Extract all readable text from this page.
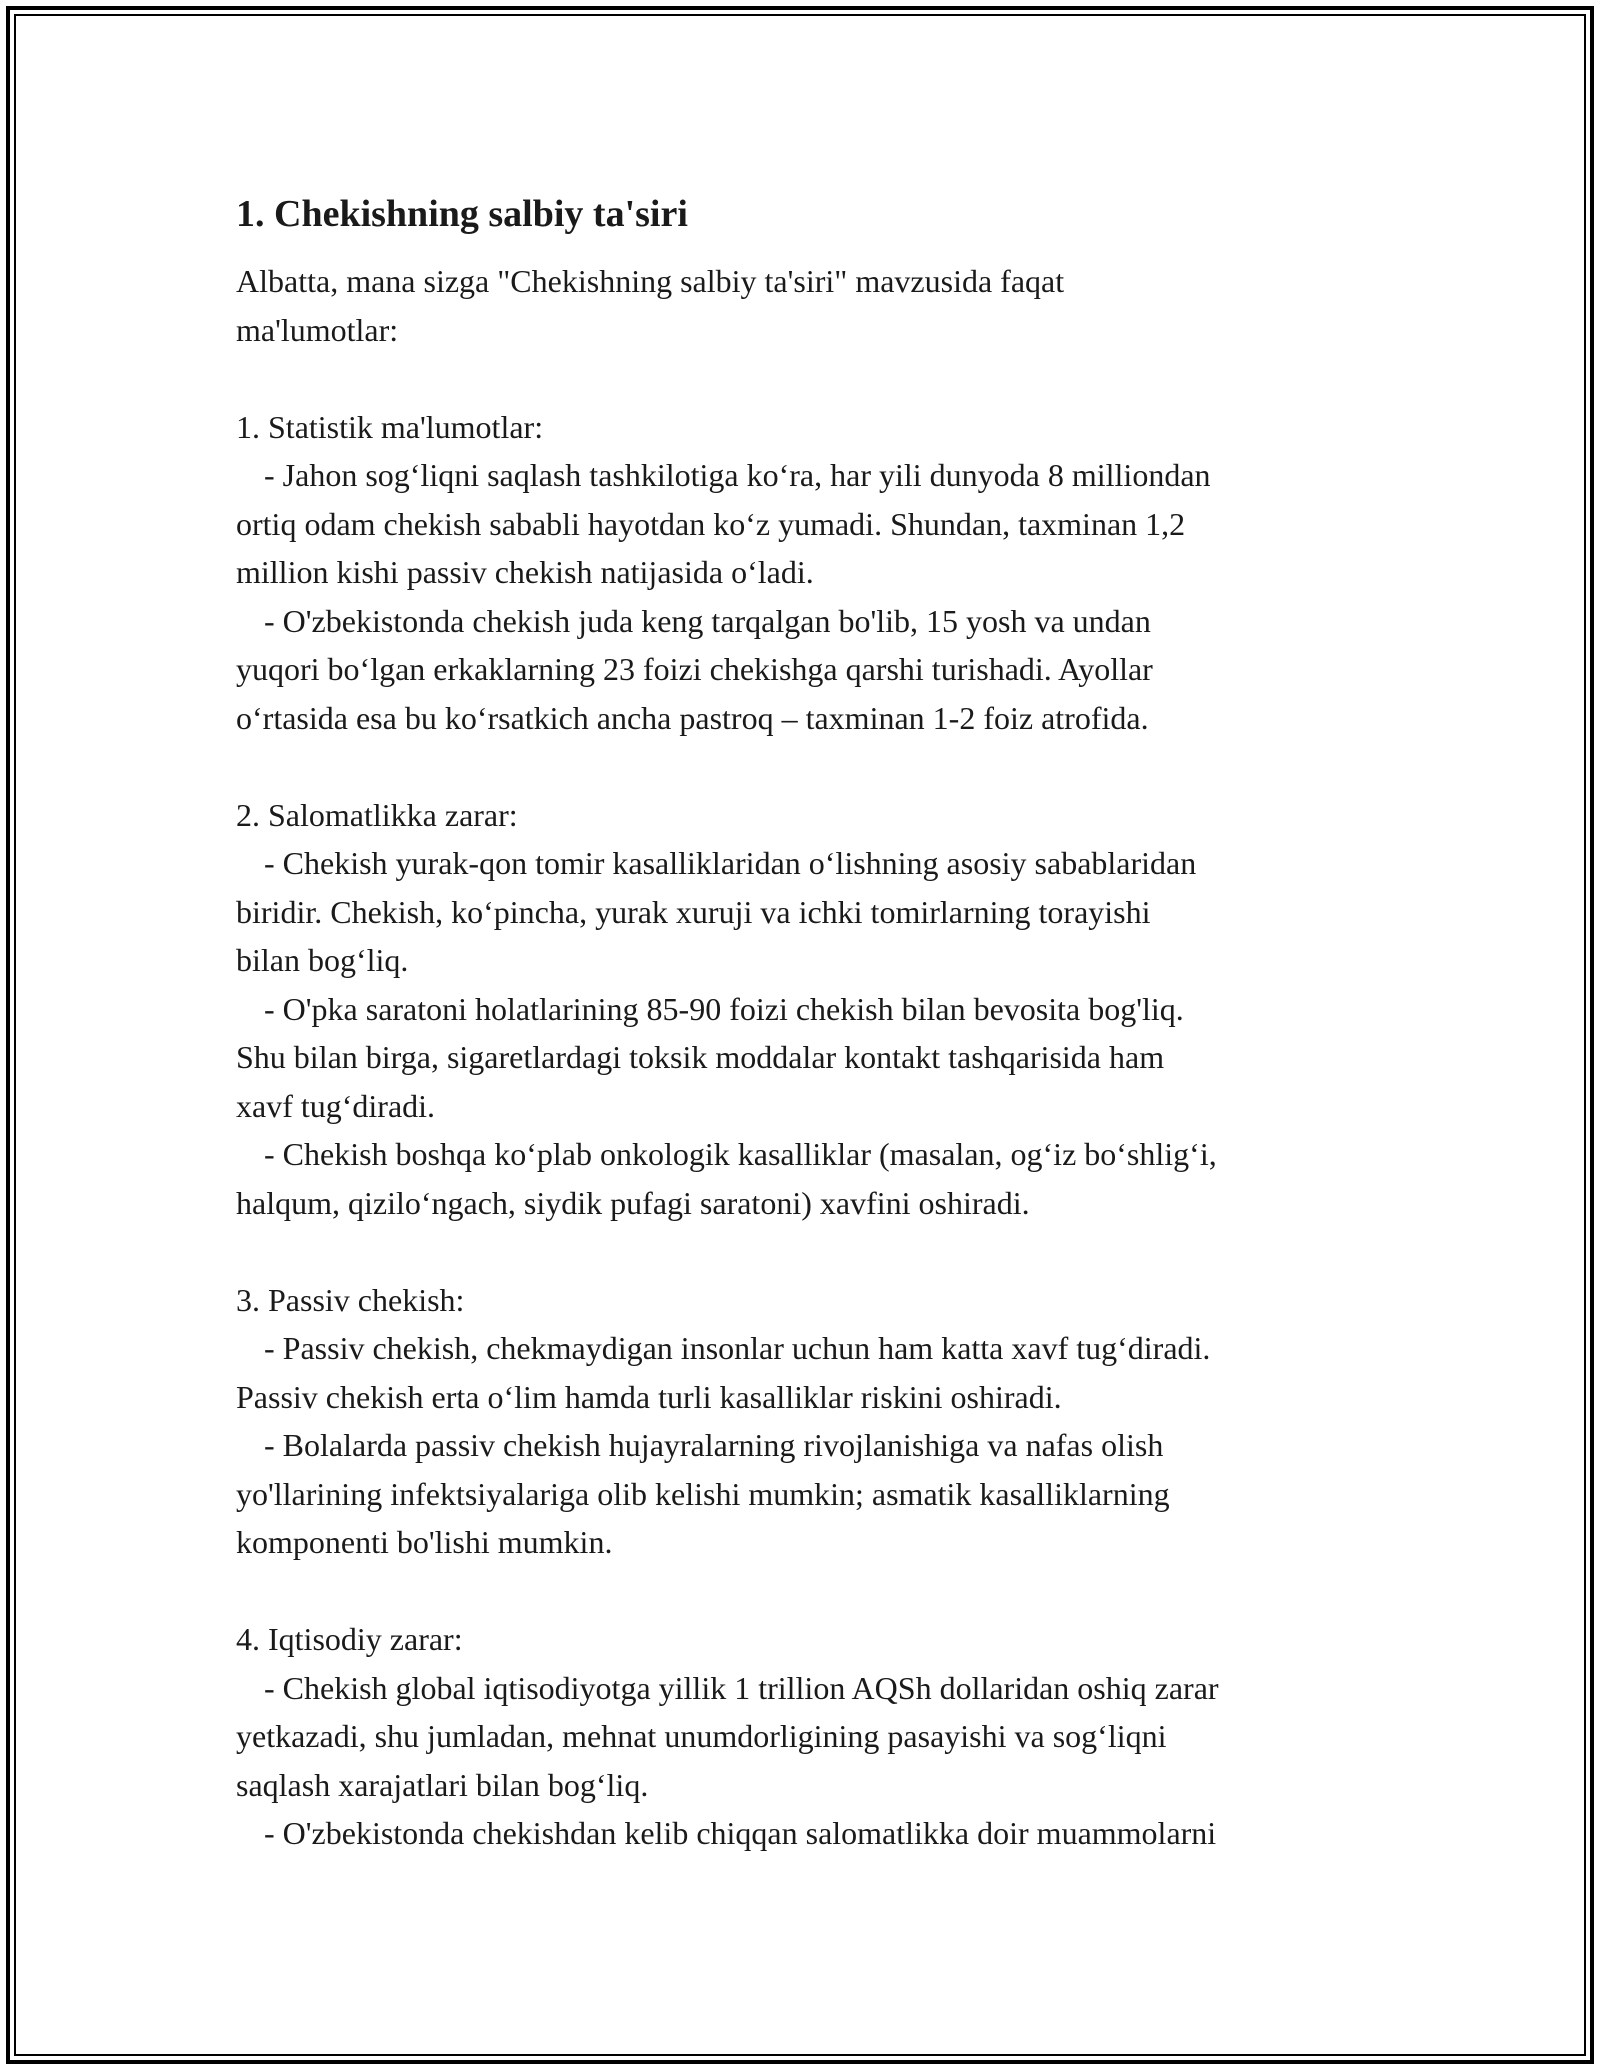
1. Chekishning salbiy ta'siri
Albatta, mana sizga "Chekishning salbiy ta'siri" mavzusida faqat
ma'lumotlar:
1. Statistik ma'lumotlar:
- Jahon sog‘liqni saqlash tashkilotiga ko‘ra, har yili dunyoda 8 milliondan
ortiq odam chekish sababli hayotdan ko‘z yumadi. Shundan, taxminan 1,2
million kishi passiv chekish natijasida o‘ladi.
- O'zbekistonda chekish juda keng tarqalgan bo'lib, 15 yosh va undan
yuqori bo‘lgan erkaklarning 23 foizi chekishga qarshi turishadi. Ayollar
o‘rtasida esa bu ko‘rsatkich ancha pastroq – taxminan 1-2 foiz atrofida.
2. Salomatlikka zarar:
- Chekish yurak-qon tomir kasalliklaridan o‘lishning asosiy sabablaridan
biridir. Chekish, ko‘pincha, yurak xuruji va ichki tomirlarning torayishi
bilan bog‘liq.
- O'pka saratoni holatlarining 85-90 foizi chekish bilan bevosita bog'liq.
Shu bilan birga, sigaretlardagi toksik moddalar kontakt tashqarisida ham
xavf tug‘diradi.
- Chekish boshqa ko‘plab onkologik kasalliklar (masalan, og‘iz bo‘shlig‘i,
halqum, qizilo‘ngach, siydik pufagi saratoni) xavfini oshiradi.
3. Passiv chekish:
- Passiv chekish, chekmaydigan insonlar uchun ham katta xavf tug‘diradi.
Passiv chekish erta o‘lim hamda turli kasalliklar riskini oshiradi.
- Bolalarda passiv chekish hujayralarning rivojlanishiga va nafas olish
yo'llarining infektsiyalariga olib kelishi mumkin; asmatik kasalliklarning
komponenti bo'lishi mumkin.
4. Iqtisodiy zarar:
- Chekish global iqtisodiyotga yillik 1 trillion AQSh dollaridan oshiq zarar
yetkazadi, shu jumladan, mehnat unumdorligining pasayishi va sog‘liqni
saqlash xarajatlari bilan bog‘liq.
- O'zbekistonda chekishdan kelib chiqqan salomatlikka doir muammolarni
